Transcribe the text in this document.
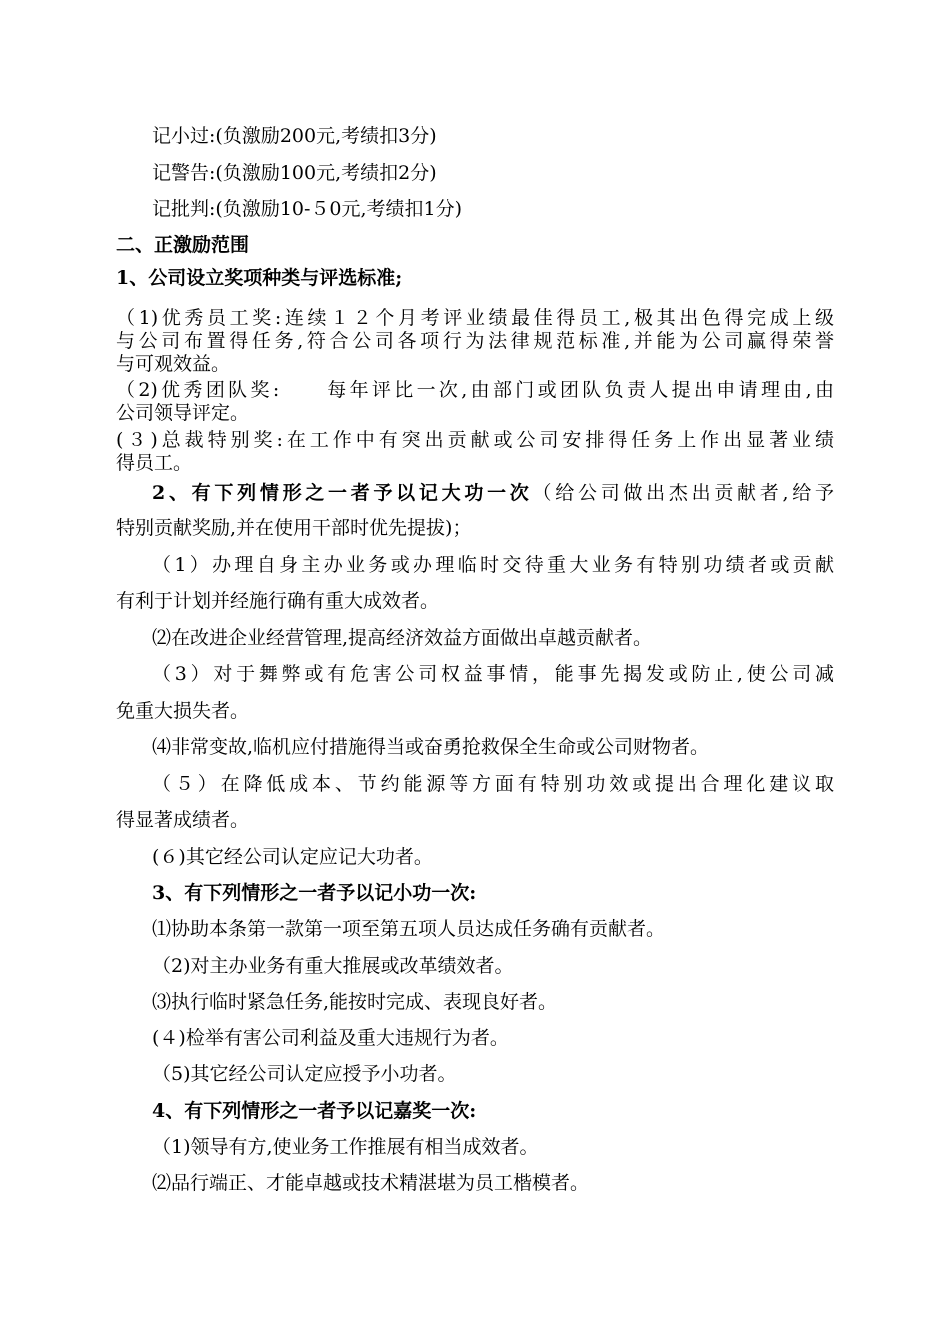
记小过:(负激励200元,考绩扣3分)
记警告:(负激励100元,考绩扣2分)
记批判:(负激励10-５0元,考绩扣1分)
二、正激励范围
1、公司设立奖项种类与评选标准;
（1)优秀员工奖:连续１２个月考评业绩最佳得员工,极其出色得完成上级
与公司布置得任务,符合公司各项行为法律规范标准,并能为公司赢得荣誉
与可观效益。
（2)优秀团队奖:　　每年评比一次,由部门或团队负责人提出申请理由,由
公司领导评定。
(３)总裁特别奖:在工作中有突出贡献或公司安排得任务上作出显著业绩
得员工。
2、有下列情形之一者予以记大功一次（给公司做出杰出贡献者,给予
特别贡献奖励,并在使用干部时优先提拔)；
（1）办理自身主办业务或办理临时交待重大业务有特别功绩者或贡献
有利于计划并经施行确有重大成效者。
⑵在改进企业经营管理,提高经济效益方面做出卓越贡献者。
（3）对于舞弊或有危害公司权益事情，能事先揭发或防止,使公司减
免重大损失者。
⑷非常变故,临机应付措施得当或奋勇抢救保全生命或公司财物者。
（５）在降低成本、节约能源等方面有特别功效或提出合理化建议取
得显著成绩者。
(６)其它经公司认定应记大功者。
3、有下列情形之一者予以记小功一次:
⑴协助本条第一款第一项至第五项人员达成任务确有贡献者。
（2)对主办业务有重大推展或改革绩效者。
⑶执行临时紧急任务,能按时完成、表现良好者。
(４)检举有害公司利益及重大违规行为者。
（5)其它经公司认定应授予小功者。
4、有下列情形之一者予以记嘉奖一次:
（1)领导有方,使业务工作推展有相当成效者。
⑵品行端正、才能卓越或技术精湛堪为员工楷模者。
